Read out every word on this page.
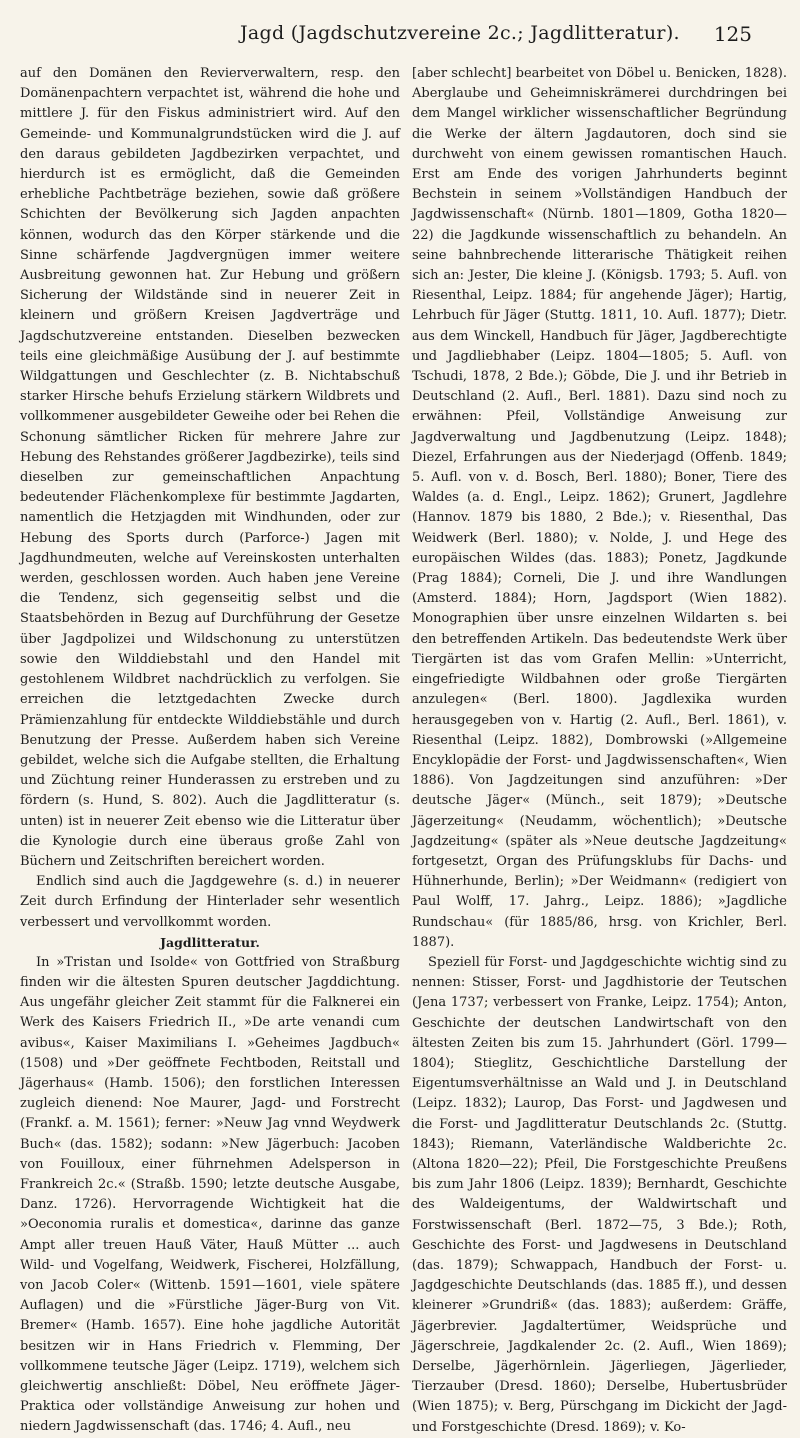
Jagd (Jagdschutzvereine 2c.; Jagdlitteratur). 125

auf den Domänen den Revierverwaltern, resp. den Domänenpachtern verpachtet ist, während die hohe und mittlere J. für den Fiskus administriert wird. Auf den Gemeinde- und Kommunalgrundstücken wird die J. auf den daraus gebildeten Jagdbezirken verpachtet, und hierdurch ist es ermöglicht, daß die Gemeinden erhebliche Pachtbeträge beziehen, sowie daß größere Schichten der Bevölkerung sich Jagden anpachten können, wodurch das den Körper stärkende und die Sinne schärfende Jagdvergnügen immer weitere Ausbreitung gewonnen hat. Zur Hebung und größern Sicherung der Wildstände sind in neuerer Zeit in kleinern und größern Kreisen Jagdverträge und Jagdschutzvereine entstanden. Dieselben bezwecken teils eine gleichmäßige Ausübung der J. auf bestimmte Wildgattungen und Geschlechter (z. B. Nichtabschuß starker Hirsche behufs Erzielung stärkern Wildbrets und vollkommener ausgebildeter Geweihe oder bei Rehen die Schonung sämtlicher Ricken für mehrere Jahre zur Hebung des Rehstandes größerer Jagdbezirke), teils sind dieselben zur gemeinschaftlichen Anpachtung bedeutender Flächenkomplexe für bestimmte Jagdarten, namentlich die Hetzjagden mit Windhunden, oder zur Hebung des Sports durch (Parforce-) Jagen mit Jagdhundmeuten, welche auf Vereinskosten unterhalten werden, geschlossen worden. Auch haben jene Vereine die Tendenz, sich gegenseitig selbst und die Staatsbehörden in Bezug auf Durchführung der Gesetze über Jagdpolizei und Wildschonung zu unterstützen sowie den Wilddiebstahl und den Handel mit gestohlenem Wildbret nachdrücklich zu verfolgen. Sie erreichen die letztgedachten Zwecke durch Prämienzahlung für entdeckte Wilddiebstähle und durch Benutzung der Presse. Außerdem haben sich Vereine gebildet, welche sich die Aufgabe stellten, die Erhaltung und Züchtung reiner Hunderassen zu erstreben und zu fördern (s. Hund, S. 802). Auch die Jagdlitteratur (s. unten) ist in neuerer Zeit ebenso wie die Litteratur über die Kynologie durch eine überaus große Zahl von Büchern und Zeitschriften bereichert worden.

Endlich sind auch die Jagdgewehre (s. d.) in neuerer Zeit durch Erfindung der Hinterlader sehr wesentlich verbessert und vervollkommt worden.

Jagdlitteratur.

In »Tristan und Isolde« von Gottfried von Straßburg finden wir die ältesten Spuren deutscher Jagddichtung. Aus ungefähr gleicher Zeit stammt für die Falknerei ein Werk des Kaisers Friedrich II., »De arte venandi cum avibus«, Kaiser Maximilians I. »Geheimes Jagdbuch« (1508) und »Der geöffnete Fechtboden, Reitstall und Jägerhaus« (Hamb. 1506); den forstlichen Interessen zugleich dienend: Noe Maurer, Jagd- und Forstrecht (Frankf. a. M. 1561); ferner: »Neuw Jag vnnd Weydwerk Buch« (das. 1582); sodann: »New Jägerbuch: Jacoben von Fouilloux, einer führnehmen Adelsperson in Frankreich 2c.« (Straßb. 1590; letzte deutsche Ausgabe, Danz. 1726). Hervorragende Wichtigkeit hat die »Oeconomia ruralis et domestica«, darinne das ganze Ampt aller treuen Hauß Väter, Hauß Mütter ... auch Wild- und Vogelfang, Weidwerk, Fischerei, Holzfällung, von Jacob Coler« (Wittenb. 1591—1601, viele spätere Auflagen) und die »Fürstliche Jäger-Burg von Vit. Bremer« (Hamb. 1657). Eine hohe jagdliche Autorität besitzen wir in Hans Friedrich v. Flemming, Der vollkommene teutsche Jäger (Leipz. 1719), welchem sich gleichwertig anschließt: Döbel, Neu eröffnete Jäger-Praktica oder vollständige Anweisung zur hohen und niedern Jagdwissenschaft (das. 1746; 4. Aufl., neu

[aber schlecht] bearbeitet von Döbel u. Benicken, 1828). Aberglaube und Geheimniskrämerei durchdringen bei dem Mangel wirklicher wissenschaftlicher Begründung die Werke der ältern Jagdautoren, doch sind sie durchweht von einem gewissen romantischen Hauch. Erst am Ende des vorigen Jahrhunderts beginnt Bechstein in seinem »Vollständigen Handbuch der Jagdwissenschaft« (Nürnb. 1801—1809, Gotha 1820—22) die Jagdkunde wissenschaftlich zu behandeln. An seine bahnbrechende litterarische Thätigkeit reihen sich an: Jester, Die kleine J. (Königsb. 1793; 5. Aufl. von Riesenthal, Leipz. 1884; für angehende Jäger); Hartig, Lehrbuch für Jäger (Stuttg. 1811, 10. Aufl. 1877); Dietr. aus dem Winckell, Handbuch für Jäger, Jagdberechtigte und Jagdliebhaber (Leipz. 1804—1805; 5. Aufl. von Tschudi, 1878, 2 Bde.); Göbde, Die J. und ihr Betrieb in Deutschland (2. Aufl., Berl. 1881). Dazu sind noch zu erwähnen: Pfeil, Vollständige Anweisung zur Jagdverwaltung und Jagdbenutzung (Leipz. 1848); Diezel, Erfahrungen aus der Niederjagd (Offenb. 1849; 5. Aufl. von v. d. Bosch, Berl. 1880); Boner, Tiere des Waldes (a. d. Engl., Leipz. 1862); Grunert, Jagdlehre (Hannov. 1879 bis 1880, 2 Bde.); v. Riesenthal, Das Weidwerk (Berl. 1880); v. Nolde, J. und Hege des europäischen Wildes (das. 1883); Ponetz, Jagdkunde (Prag 1884); Corneli, Die J. und ihre Wandlungen (Amsterd. 1884); Horn, Jagdsport (Wien 1882). Monographien über unsre einzelnen Wildarten s. bei den betreffenden Artikeln. Das bedeutendste Werk über Tiergärten ist das vom Grafen Mellin: »Unterricht, eingefriedigte Wildbahnen oder große Tiergärten anzulegen« (Berl. 1800). Jagdlexika wurden herausgegeben von v. Hartig (2. Aufl., Berl. 1861), v. Riesenthal (Leipz. 1882), Dombrowski (»Allgemeine Encyklopädie der Forst- und Jagdwissenschaften«, Wien 1886). Von Jagdzeitungen sind anzuführen: »Der deutsche Jäger« (Münch., seit 1879); »Deutsche Jägerzeitung« (Neudamm, wöchentlich); »Deutsche Jagdzeitung« (später als »Neue deutsche Jagdzeitung« fortgesetzt, Organ des Prüfungsklubs für Dachs- und Hühnerhunde, Berlin); »Der Weidmann« (redigiert von Paul Wolff, 17. Jahrg., Leipz. 1886); »Jagdliche Rundschau« (für 1885/86, hrsg. von Krichler, Berl. 1887).

Speziell für Forst- und Jagdgeschichte wichtig sind zu nennen: Stisser, Forst- und Jagdhistorie der Teutschen (Jena 1737; verbessert von Franke, Leipz. 1754); Anton, Geschichte der deutschen Landwirtschaft von den ältesten Zeiten bis zum 15. Jahrhundert (Görl. 1799—1804); Stieglitz, Geschichtliche Darstellung der Eigentumsverhältnisse an Wald und J. in Deutschland (Leipz. 1832); Laurop, Das Forst- und Jagdwesen und die Forst- und Jagdlitteratur Deutschlands 2c. (Stuttg. 1843); Riemann, Vaterländische Waldberichte 2c. (Altona 1820—22); Pfeil, Die Forstgeschichte Preußens bis zum Jahr 1806 (Leipz. 1839); Bernhardt, Geschichte des Waldeigentums, der Waldwirtschaft und Forstwissenschaft (Berl. 1872—75, 3 Bde.); Roth, Geschichte des Forst- und Jagdwesens in Deutschland (das. 1879); Schwappach, Handbuch der Forst- u. Jagdgeschichte Deutschlands (das. 1885 ff.), und dessen kleinerer »Grundriß« (das. 1883); außerdem: Gräffe, Jägerbrevier. Jagdaltertümer, Weidsprüche und Jägerschreie, Jagdkalender 2c. (2. Aufl., Wien 1869); Derselbe, Jägerhörnlein. Jägerliegen, Jägerlieder, Tierzauber (Dresd. 1860); Derselbe, Hubertusbrüder (Wien 1875); v. Berg, Pürschgang im Dickicht der Jagd- und Forstgeschichte (Dresd. 1869); v. Ko-
